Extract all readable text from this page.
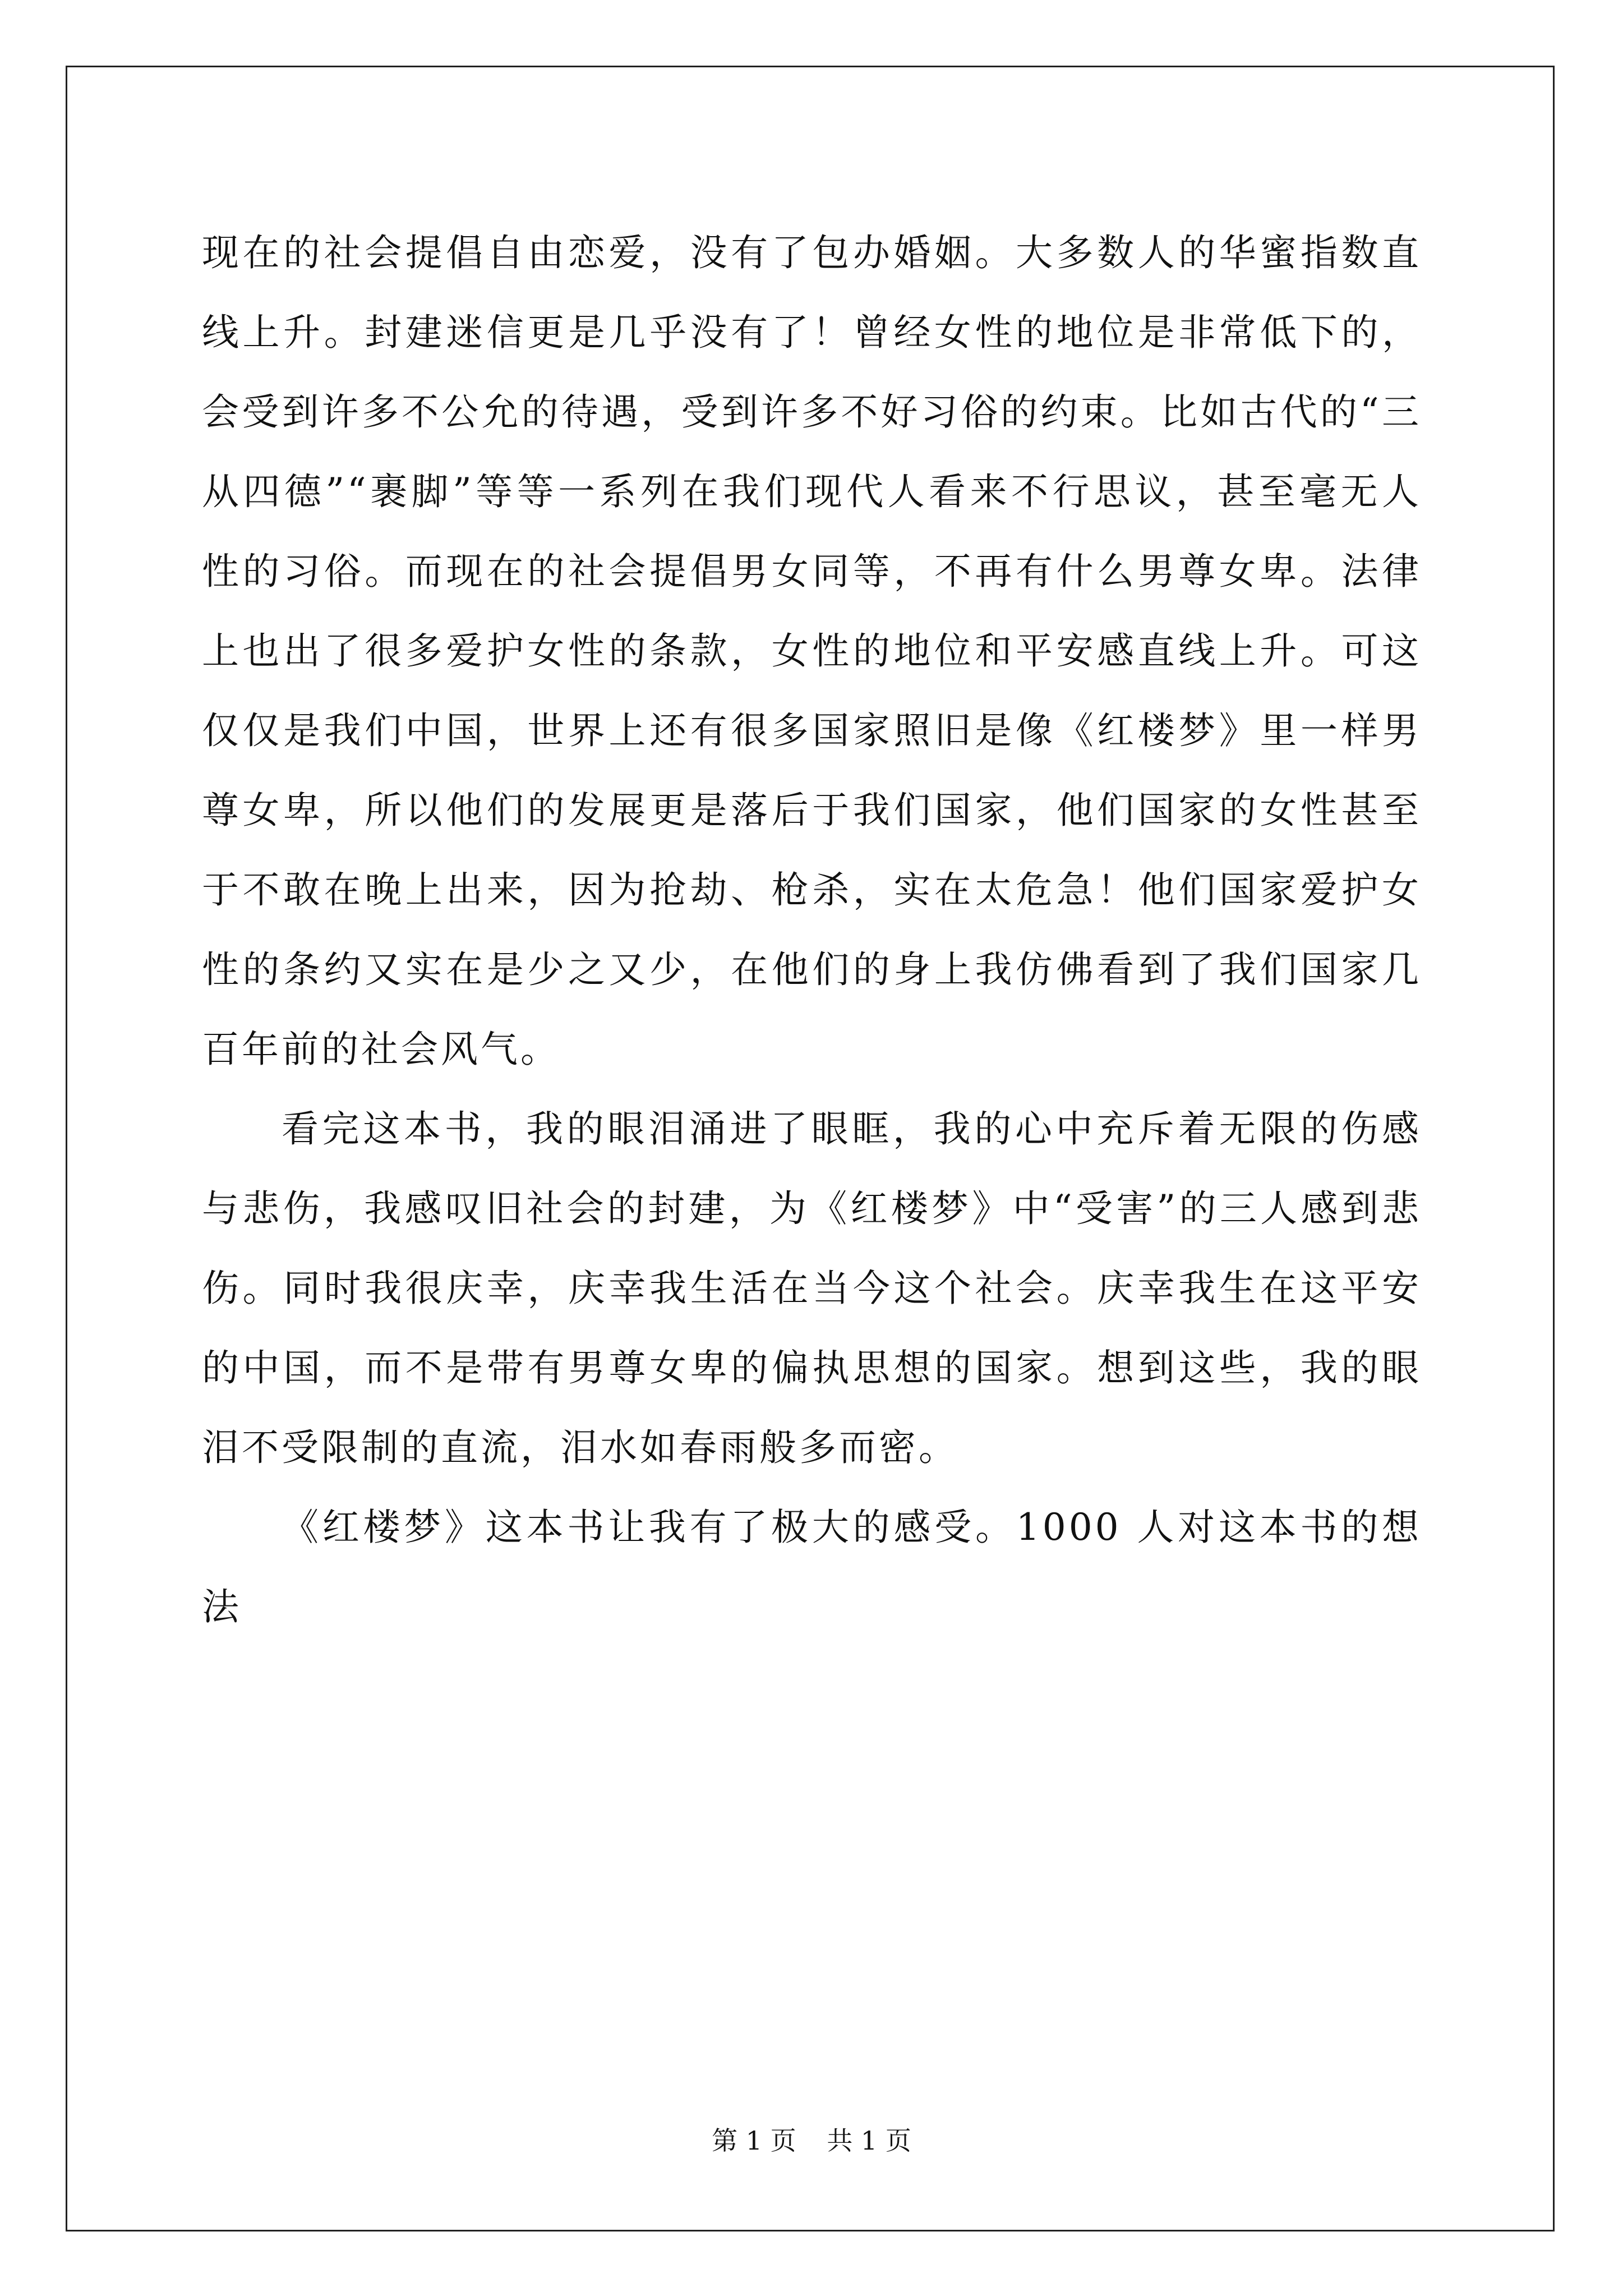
现在的社会提倡自由恋爱，没有了包办婚姻。大多数人的华蜜指数直线上升。封建迷信更是几乎没有了！曾经女性的地位是非常低下的，会受到许多不公允的待遇，受到许多不好习俗的约束。比如古代的“三从四德”“裹脚”等等一系列在我们现代人看来不行思议，甚至毫无人性的习俗。而现在的社会提倡男女同等，不再有什么男尊女卑。法律上也出了很多爱护女性的条款，女性的地位和平安感直线上升。可这仅仅是我们中国，世界上还有很多国家照旧是像《红楼梦》里一样男尊女卑，所以他们的发展更是落后于我们国家，他们国家的女性甚至于不敢在晚上出来，因为抢劫、枪杀，实在太危急！他们国家爱护女性的条约又实在是少之又少，在他们的身上我仿佛看到了我们国家几百年前的社会风气。

看完这本书，我的眼泪涌进了眼眶，我的心中充斥着无限的伤感与悲伤，我感叹旧社会的封建，为《红楼梦》中“受害”的三人感到悲伤。同时我很庆幸，庆幸我生活在当今这个社会。庆幸我生在这平安的中国，而不是带有男尊女卑的偏执思想的国家。想到这些，我的眼泪不受限制的直流，泪水如春雨般多而密。

《红楼梦》这本书让我有了极大的感受。1000 人对这本书的想法

第 1 页 共 1 页
